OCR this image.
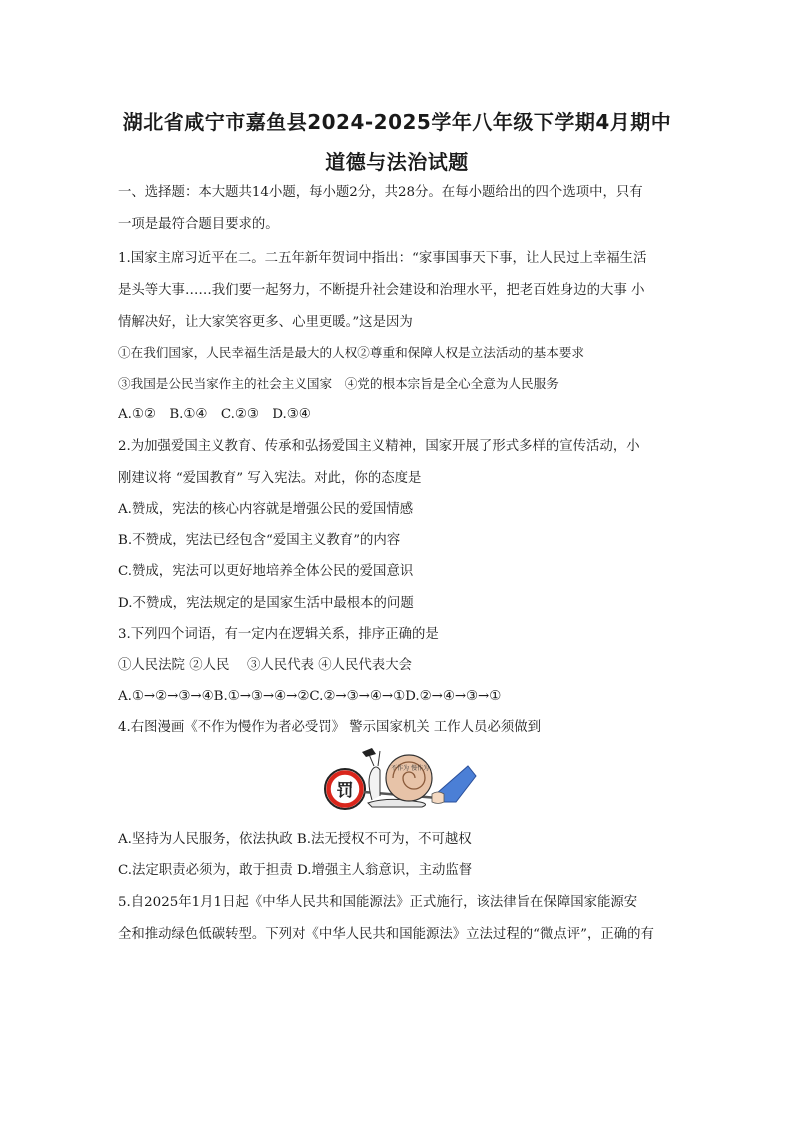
湖北省咸宁市嘉鱼县2024-2025学年八年级下学期4月期中
道德与法治试题
一、选择题：本大题共14小题，每小题2分，共28分。在每小题给出的四个选项中，只有
一项是最符合题目要求的。
1.国家主席习近平在二。二五年新年贺词中指出：“家事国事天下事，让人民过上幸福生活
是头等大事……我们要一起努力，不断提升社会建设和治理水平，把老百姓身边的大事 小
情解决好，让大家笑容更多、心里更暖。”这是因为
①在我们国家，人民幸福生活是最大的人权②尊重和保障人权是立法活动的基本要求
③我国是公民当家作主的社会主义国家　④党的根本宗旨是全心全意为人民服务
A.①②　B.①④　C.②③　D.③④
2.为加强爱国主义教育、传承和弘扬爱国主义精神，国家开展了形式多样的宣传活动，小
刚建议将 “爱国教育” 写入宪法。对此，你的态度是
A.赞成，宪法的核心内容就是增强公民的爱国情感
B.不赞成，宪法已经包含“爱国主义教育”的内容
C.赞成，宪法可以更好地培养全体公民的爱国意识
D.不赞成，宪法规定的是国家生活中最根本的问题
3.下列四个词语，有一定内在逻辑关系，排序正确的是
①人民法院 ②人民　 ③人民代表 ④人民代表大会
A.①→②→③→④B.①→③→④→②C.②→③→④→①D.②→④→③→①
4.右图漫画《不作为慢作为者必受罚》 警示国家机关 工作人员必须做到
罚
不作为 慢作为
A.坚持为人民服务，依法执政 B.法无授权不可为，不可越权
C.法定职责必须为，敢于担责 D.增强主人翁意识，主动监督
5.自2025年1月1日起《中华人民共和国能源法》正式施行，该法律旨在保障国家能源安
全和推动绿色低碳转型。下列对《中华人民共和国能源法》立法过程的“微点评”，正确的有
